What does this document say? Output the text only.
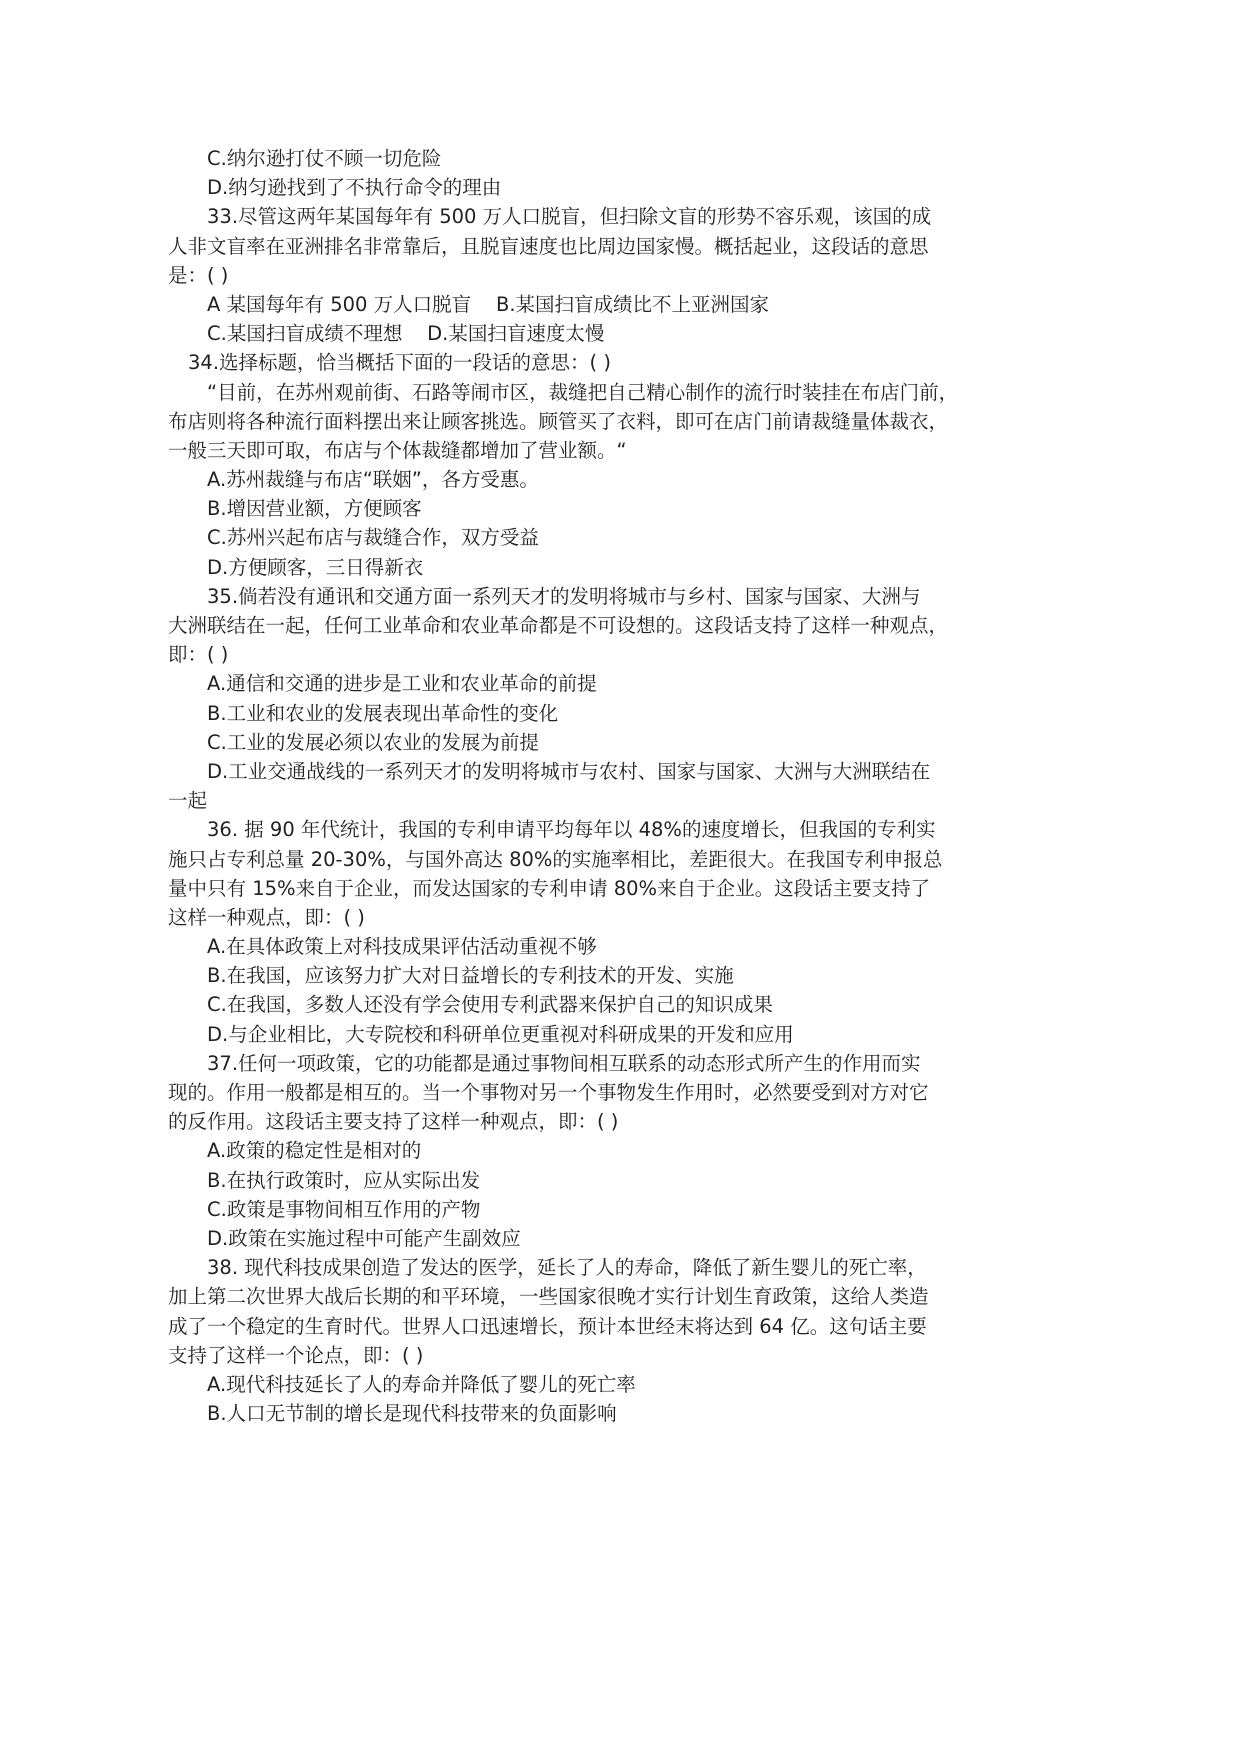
C.纳尔逊打仗不顾一切危险
D.纳匀逊找到了不执行命令的理由
33.尽管这两年某国每年有 500 万人口脱盲，但扫除文盲的形势不容乐观，该国的成
人非文盲率在亚洲排名非常靠后，且脱盲速度也比周边国家慢。概括起业，这段话的意思
是：( )
A 某国每年有 500 万人口脱盲    B.某国扫盲成绩比不上亚洲国家
C.某国扫盲成绩不理想    D.某国扫盲速度太慢
34.选择标题，恰当概括下面的一段话的意思：( )
“目前，在苏州观前街、石路等闹市区，裁缝把自己精心制作的流行时装挂在布店门前，
布店则将各种流行面料摆出来让顾客挑选。顾管买了衣料，即可在店门前请裁缝量体裁衣，
一般三天即可取，布店与个体裁缝都增加了营业额。“
A.苏州裁缝与布店“联姻”，各方受惠。
B.增因营业额，方便顾客
C.苏州兴起布店与裁缝合作，双方受益
D.方便顾客，三日得新衣
35.倘若没有通讯和交通方面一系列天才的发明将城市与乡村、国家与国家、大洲与
大洲联结在一起，任何工业革命和农业革命都是不可设想的。这段话支持了这样一种观点，
即：( )
A.通信和交通的进步是工业和农业革命的前提
B.工业和农业的发展表现出革命性的变化
C.工业的发展必须以农业的发展为前提
D.工业交通战线的一系列天才的发明将城市与农村、国家与国家、大洲与大洲联结在
一起
36. 据 90 年代统计，我国的专利申请平均每年以 48%的速度增长，但我国的专利实
施只占专利总量 20-30%，与国外高达 80%的实施率相比，差距很大。在我国专利申报总
量中只有 15%来自于企业，而发达国家的专利申请 80%来自于企业。这段话主要支持了
这样一种观点，即：( )
A.在具体政策上对科技成果评估活动重视不够
B.在我国，应该努力扩大对日益增长的专利技术的开发、实施
C.在我国，多数人还没有学会使用专利武器来保护自己的知识成果
D.与企业相比，大专院校和科研单位更重视对科研成果的开发和应用
37.任何一项政策，它的功能都是通过事物间相互联系的动态形式所产生的作用而实
现的。作用一般都是相互的。当一个事物对另一个事物发生作用时，必然要受到对方对它
的反作用。这段话主要支持了这样一种观点，即：( )
A.政策的稳定性是相对的
B.在执行政策时，应从实际出发
C.政策是事物间相互作用的产物
D.政策在实施过程中可能产生副效应
38. 现代科技成果创造了发达的医学，延长了人的寿命，降低了新生婴儿的死亡率，
加上第二次世界大战后长期的和平环境，一些国家很晚才实行计划生育政策，这给人类造
成了一个稳定的生育时代。世界人口迅速增长，预计本世经末将达到 64 亿。这句话主要
支持了这样一个论点，即：( )
A.现代科技延长了人的寿命并降低了婴儿的死亡率
B.人口无节制的增长是现代科技带来的负面影响
